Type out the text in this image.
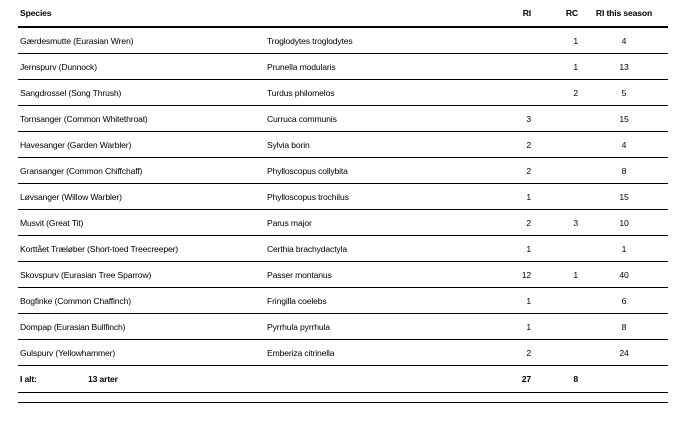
Species		RI	RC	RI this season
Gærdesmutte (Eurasian Wren)	Troglodytes troglodytes		1	4
Jernspurv (Dunnock)	Prunella modularis		1	13
Sangdrossel (Song Thrush)	Turdus philomelos		2	5
Tornsanger (Common Whitethroat)	Curruca communis	3		15
Havesanger (Garden Warbler)	Sylvia borin	2		4
Gransanger (Common Chiffchaff)	Phylloscopus collybita	2		8
Løvsanger (Willow Warbler)	Phylloscopus trochilus	1		15
Musvit (Great Tit)	Parus major	2	3	10
Korttået Træløber (Short-toed Treecreeper)	Certhia brachydactyla	1		1
Skovspurv (Eurasian Tree Sparrow)	Passer montanus	12	1	40
Bogfinke (Common Chaffinch)	Fringilla coelebs	1		6
Dompap (Eurasian Bullfinch)	Pyrrhula pyrrhula	1		8
Gulspurv (Yellowhammer)	Emberiza citrinella	2		24
I alt: 13 arter		27	8	
